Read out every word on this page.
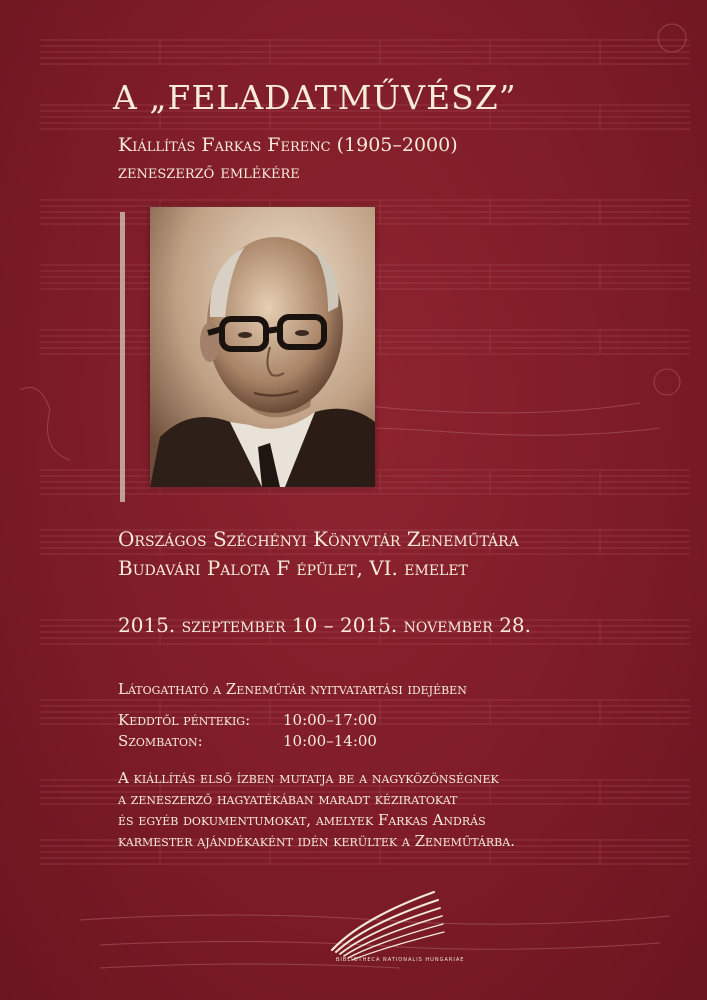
A „FELADATMŰVÉSZ”
Kiállítás Farkas Ferenc (1905–2000)
zeneszerző emlékére
Országos Széchényi Könyvtár Zeneműtára
Budavári Palota F épület, VI. emelet
2015. szeptember 10 – 2015. november 28.
Látogatható a Zeneműtár nyitvatartási idejében
Keddtől péntekig:	10:00–17:00
Szombaton:	10:00–14:00
A kiállítás első ízben mutatja be a nagyközönségnek
a zeneszerző hagyatékában maradt kéziratokat
és egyéb dokumentumokat, amelyek Farkas András
karmester ajándékaként idén kerültek a Zeneműtárba.
BIBLIOTHECA NATIONALIS HUNGARIAE
